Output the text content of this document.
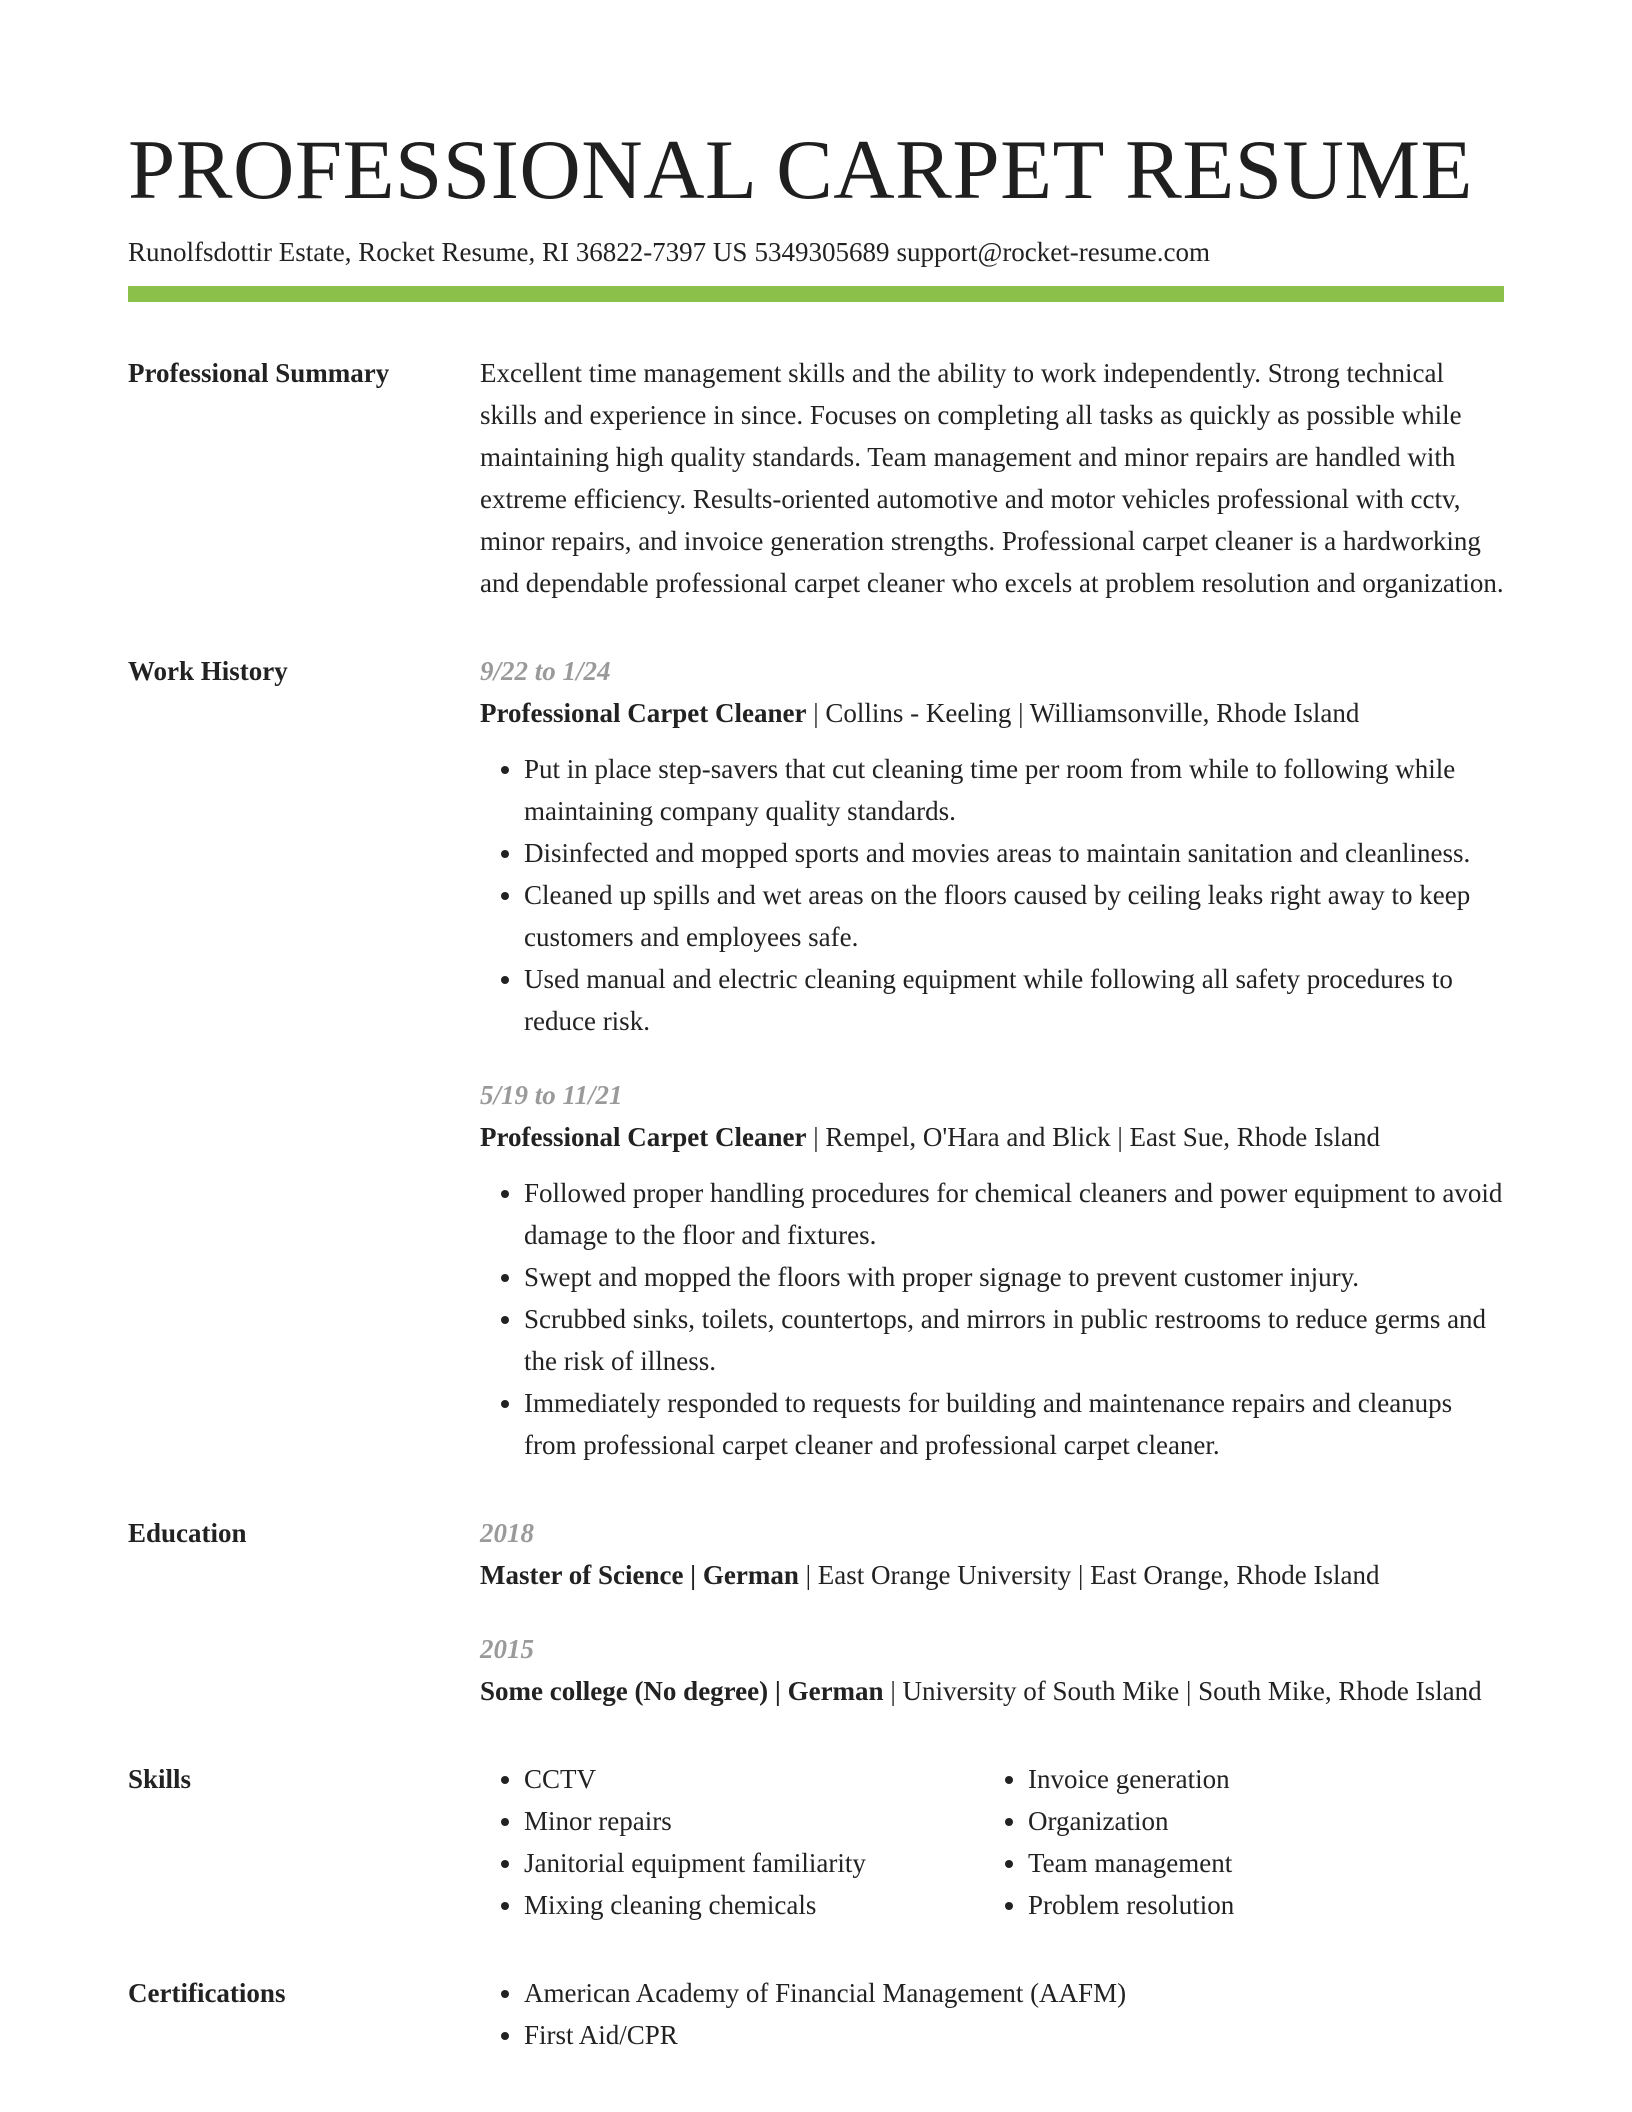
PROFESSIONAL CARPET RESUME
Runolfsdottir Estate, Rocket Resume, RI 36822-7397 US 5349305689 support@rocket-resume.com
Professional Summary	Excellent time management skills and the ability to work independently. Strong technical skills and experience in since. Focuses on completing all tasks as quickly as possible while maintaining high quality standards. Team management and minor repairs are handled with extreme efficiency. Results-oriented automotive and motor vehicles professional with cctv, minor repairs, and invoice generation strengths. Professional carpet cleaner is a hardworking and dependable professional carpet cleaner who excels at problem resolution and organization.

Work History	9/22 to 1/24
Professional Carpet Cleaner | Collins - Keeling | Williamsonville, Rhode Island
• Put in place step-savers that cut cleaning time per room from while to following while maintaining company quality standards.
• Disinfected and mopped sports and movies areas to maintain sanitation and cleanliness.
• Cleaned up spills and wet areas on the floors caused by ceiling leaks right away to keep customers and employees safe.
• Used manual and electric cleaning equipment while following all safety procedures to reduce risk.
5/19 to 11/21
Professional Carpet Cleaner | Rempel, O'Hara and Blick | East Sue, Rhode Island
• Followed proper handling procedures for chemical cleaners and power equipment to avoid damage to the floor and fixtures.
• Swept and mopped the floors with proper signage to prevent customer injury.
• Scrubbed sinks, toilets, countertops, and mirrors in public restrooms to reduce germs and the risk of illness.
• Immediately responded to requests for building and maintenance repairs and cleanups from professional carpet cleaner and professional carpet cleaner.
Education	2018
Master of Science | German | East Orange University | East Orange, Rhode Island
2015
Some college (No degree) | German | University of South Mike | South Mike, Rhode Island
Skills	• CCTV
• Minor repairs
• Janitorial equipment familiarity
• Mixing cleaning chemicals
• Invoice generation
• Organization
• Team management
• Problem resolution
Certifications	• American Academy of Financial Management (AAFM)
• First Aid/CPR
